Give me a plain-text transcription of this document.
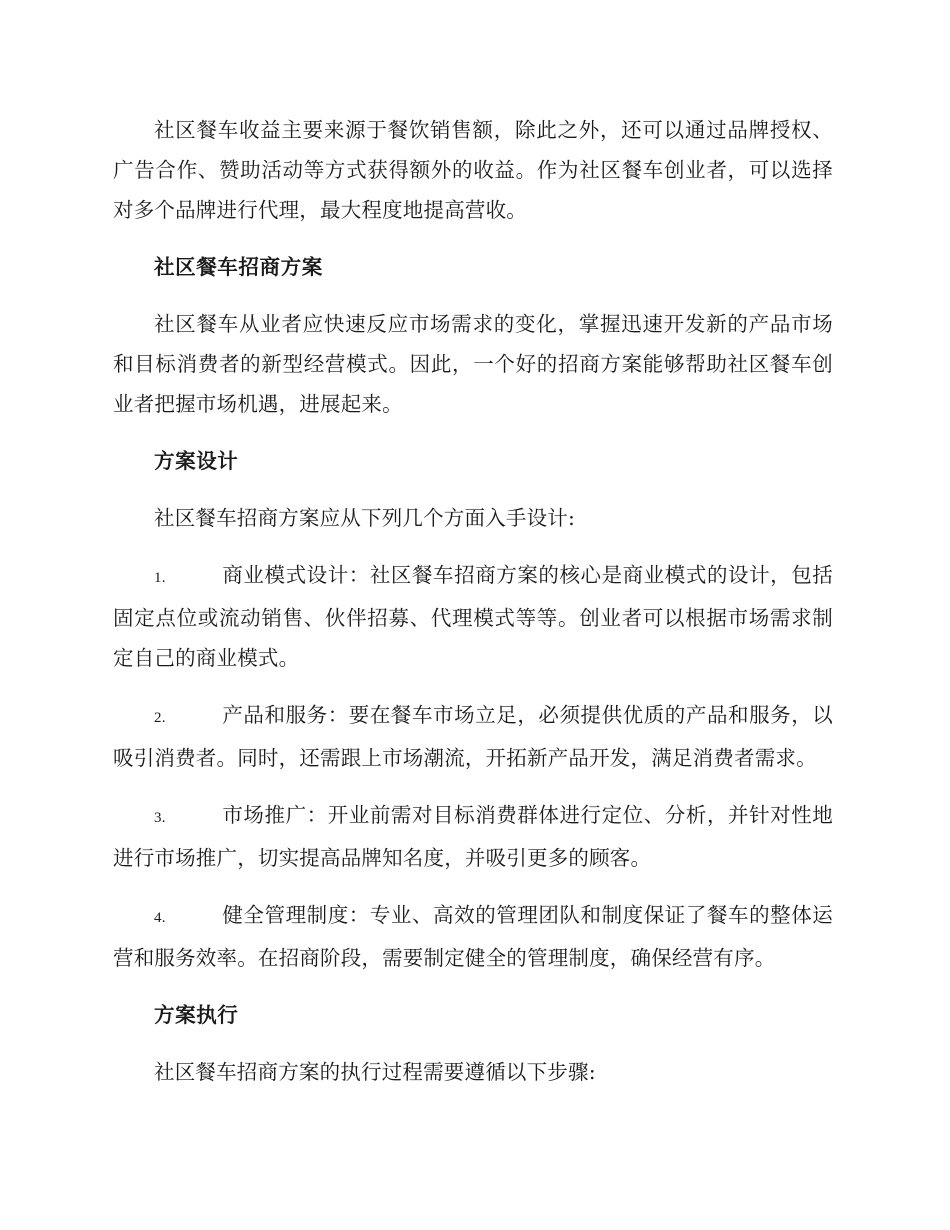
社区餐车收益主要来源于餐饮销售额，除此之外，还可以通过品牌授权、广告合作、赞助活动等方式获得额外的收益。作为社区餐车创业者，可以选择对多个品牌进行代理，最大程度地提高营收。

社区餐车招商方案

社区餐车从业者应快速反应市场需求的变化，掌握迅速开发新的产品市场和目标消费者的新型经营模式。因此，一个好的招商方案能够帮助社区餐车创业者把握市场机遇，进展起来。

方案设计

社区餐车招商方案应从下列几个方面入手设计:

1.	商业模式设计：社区餐车招商方案的核心是商业模式的设计，包括固定点位或流动销售、伙伴招募、代理模式等等。创业者可以根据市场需求制定自己的商业模式。

2.	产品和服务：要在餐车市场立足，必须提供优质的产品和服务，以吸引消费者。同时，还需跟上市场潮流，开拓新产品开发，满足消费者需求。

3.	市场推广：开业前需对目标消费群体进行定位、分析，并针对性地进行市场推广，切实提高品牌知名度，并吸引更多的顾客。

4.	健全管理制度：专业、高效的管理团队和制度保证了餐车的整体运营和服务效率。在招商阶段，需要制定健全的管理制度，确保经营有序。

方案执行

社区餐车招商方案的执行过程需要遵循以下步骤:
